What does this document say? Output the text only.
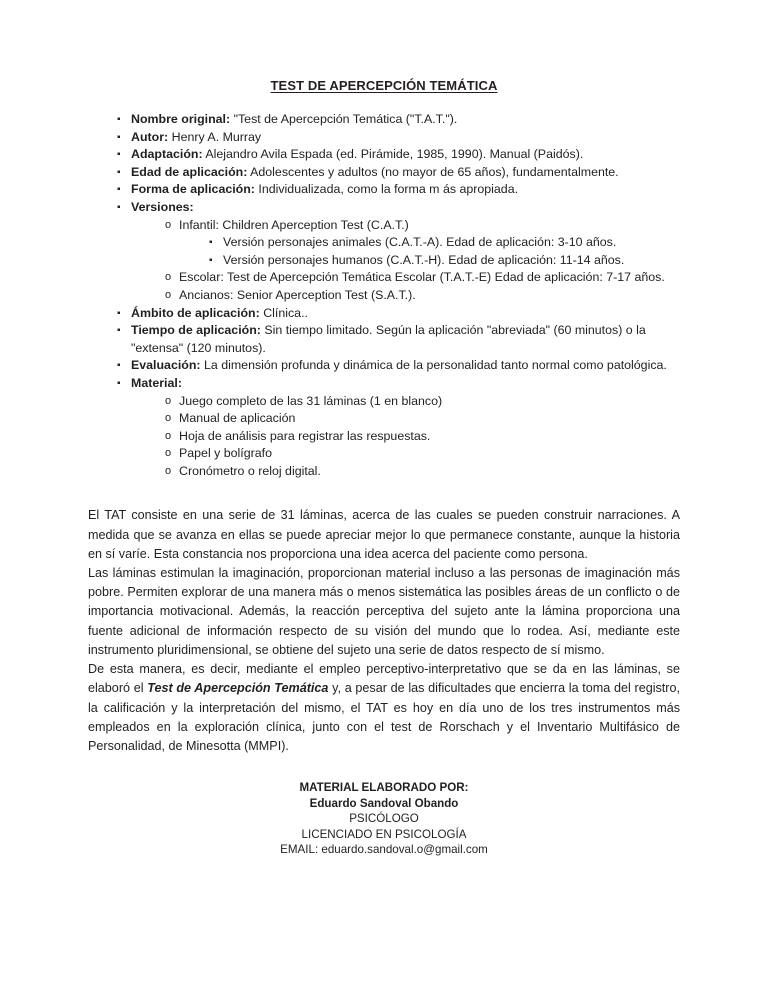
TEST DE APERCEPCIÓN TEMÁTICA
▪ Nombre original: "Test de Apercepción Temática ("T.A.T.").
▪ Autor: Henry A. Murray
▪ Adaptación: Alejandro Avila Espada (ed. Pirámide, 1985, 1990). Manual (Paidós).
▪ Edad de aplicación: Adolescentes y adultos (no mayor de 65 años), fundamentalmente.
▪ Forma de aplicación: Individualizada, como la forma m ás apropiada.
▪ Versiones:
o Infantil: Children Aperception Test (C.A.T.)
▪ Versión personajes animales (C.A.T.-A). Edad de aplicación: 3-10 años.
▪ Versión personajes humanos (C.A.T.-H). Edad de aplicación: 11-14 años.
o Escolar: Test de Apercepción Temática Escolar (T.A.T.-E) Edad de aplicación: 7-17 años.
o Ancianos: Senior Aperception Test (S.A.T.).
▪ Ámbito de aplicación: Clínica..
▪ Tiempo de aplicación: Sin tiempo limitado. Según la aplicación "abreviada" (60 minutos) o la "extensa" (120 minutos).
▪ Evaluación: La dimensión profunda y dinámica de la personalidad tanto normal como patológica.
▪ Material:
o Juego completo de las 31 láminas (1 en blanco)
o Manual de aplicación
o Hoja de análisis para registrar las respuestas.
o Papel y bolígrafo
o Cronómetro o reloj digital.

El TAT consiste en una serie de 31 láminas, acerca de las cuales se pueden construir narraciones. A medida que se avanza en ellas se puede apreciar mejor lo que permanece constante, aunque la historia en sí varíe. Esta constancia nos proporciona una idea acerca del paciente como persona.

Las láminas estimulan la imaginación, proporcionan material incluso a las personas de imaginación más pobre. Permiten explorar de una manera más o menos sistemática las posibles áreas de un conflicto o de importancia motivacional. Además, la reacción perceptiva del sujeto ante la lámina proporciona una fuente adicional de información respecto de su visión del mundo que lo rodea. Así, mediante este instrumento pluridimensional, se obtiene del sujeto una serie de datos respecto de sí mismo.

De esta manera, es decir, mediante el empleo perceptivo-interpretativo que se da en las láminas, se elaboró el Test de Apercepción Temática y, a pesar de las dificultades que encierra la toma del registro, la calificación y la interpretación del mismo, el TAT es hoy en día uno de los tres instrumentos más empleados en la exploración clínica, junto con el test de Rorschach y el Inventario Multifásico de Personalidad, de Minesotta (MMPI).

MATERIAL ELABORADO POR:
Eduardo Sandoval Obando
PSICÓLOGO
LICENCIADO EN PSICOLOGÍA
EMAIL: eduardo.sandoval.o@gmail.com
